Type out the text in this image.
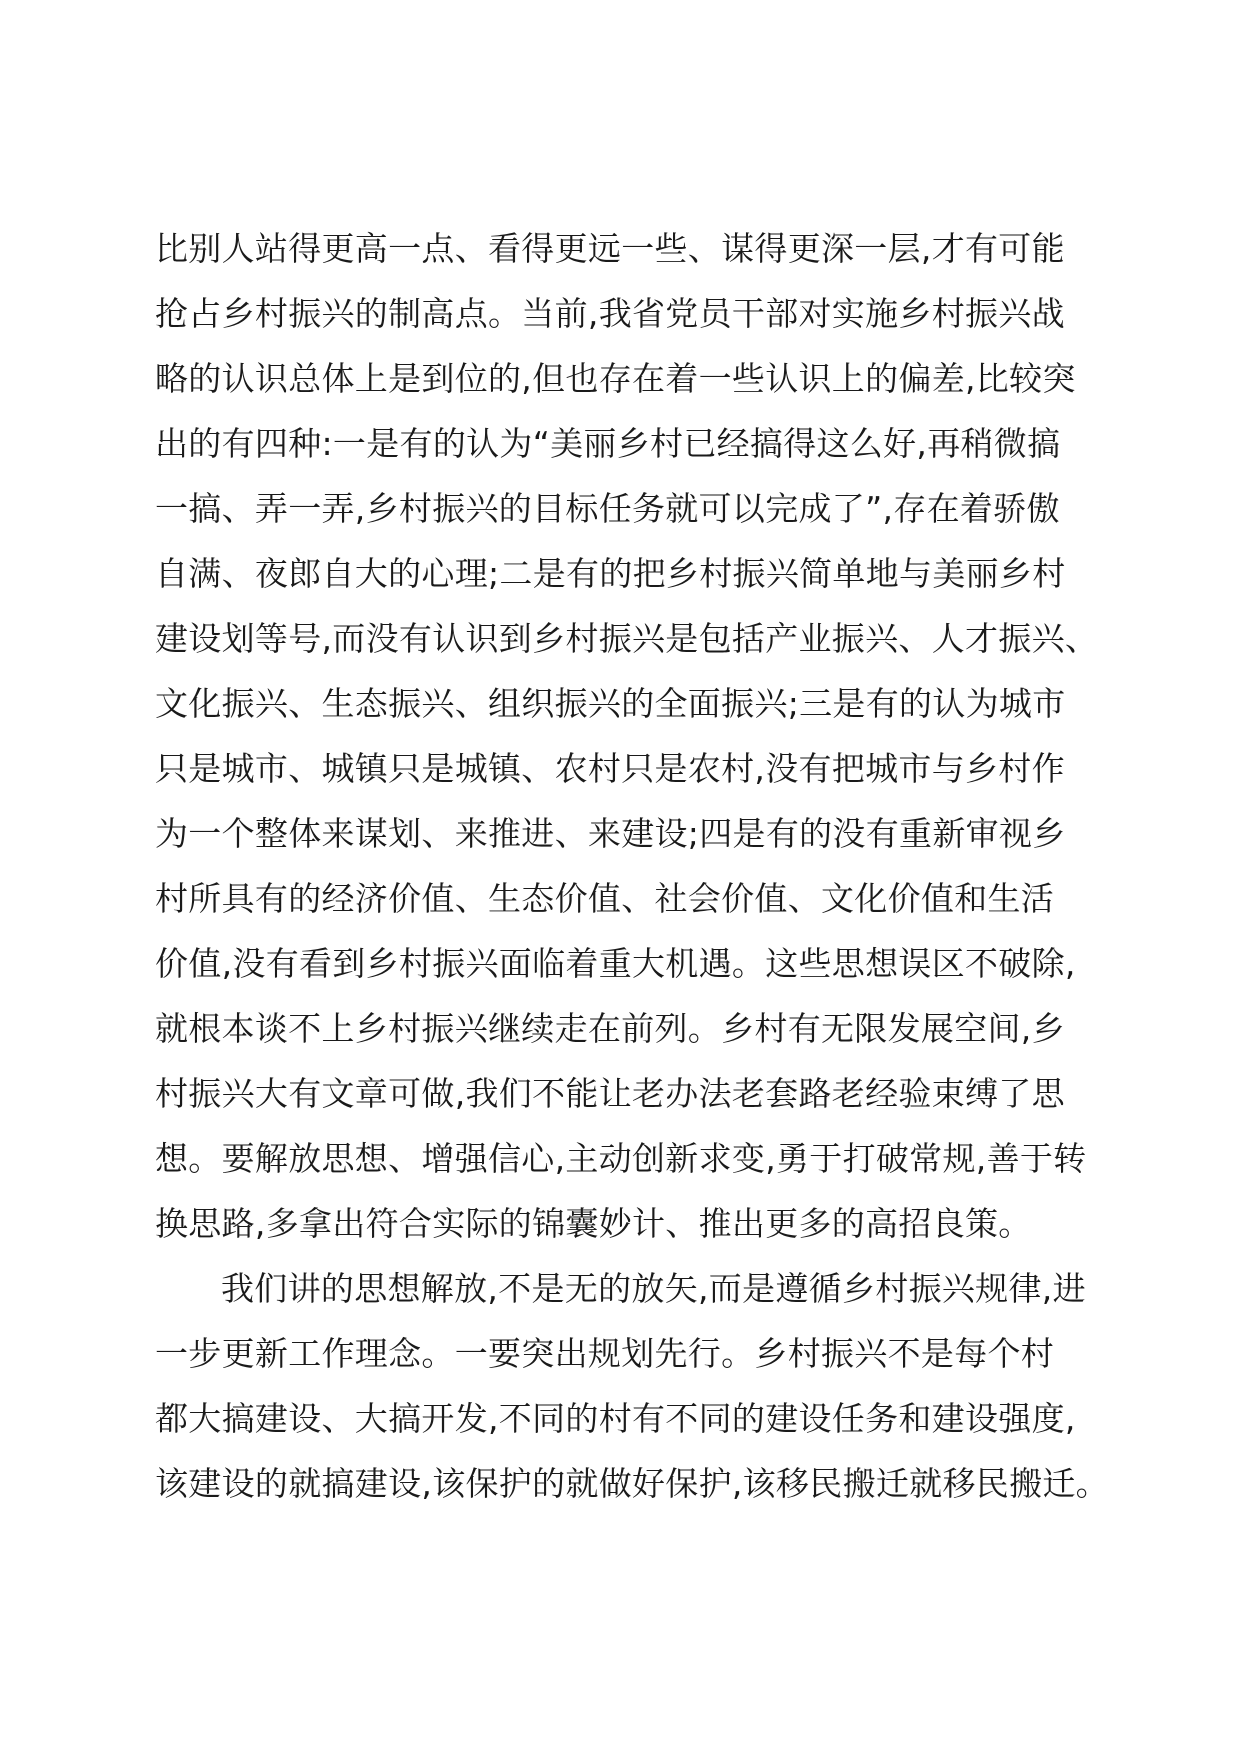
比别人站得更高一点、看得更远一些、谋得更深一层,才有可能
抢占乡村振兴的制高点。当前,我省党员干部对实施乡村振兴战
略的认识总体上是到位的,但也存在着一些认识上的偏差,比较突
出的有四种:一是有的认为“美丽乡村已经搞得这么好,再稍微搞
一搞、弄一弄,乡村振兴的目标任务就可以完成了”,存在着骄傲
自满、夜郎自大的心理;二是有的把乡村振兴简单地与美丽乡村
建设划等号,而没有认识到乡村振兴是包括产业振兴、人才振兴、
文化振兴、生态振兴、组织振兴的全面振兴;三是有的认为城市
只是城市、城镇只是城镇、农村只是农村,没有把城市与乡村作
为一个整体来谋划、来推进、来建设;四是有的没有重新审视乡
村所具有的经济价值、生态价值、社会价值、文化价值和生活
价值,没有看到乡村振兴面临着重大机遇。这些思想误区不破除,
就根本谈不上乡村振兴继续走在前列。乡村有无限发展空间,乡
村振兴大有文章可做,我们不能让老办法老套路老经验束缚了思
想。要解放思想、增强信心,主动创新求变,勇于打破常规,善于转
换思路,多拿出符合实际的锦囊妙计、推出更多的高招良策。
我们讲的思想解放,不是无的放矢,而是遵循乡村振兴规律,进
一步更新工作理念。一要突出规划先行。乡村振兴不是每个村
都大搞建设、大搞开发,不同的村有不同的建设任务和建设强度,
该建设的就搞建设,该保护的就做好保护,该移民搬迁就移民搬迁。
